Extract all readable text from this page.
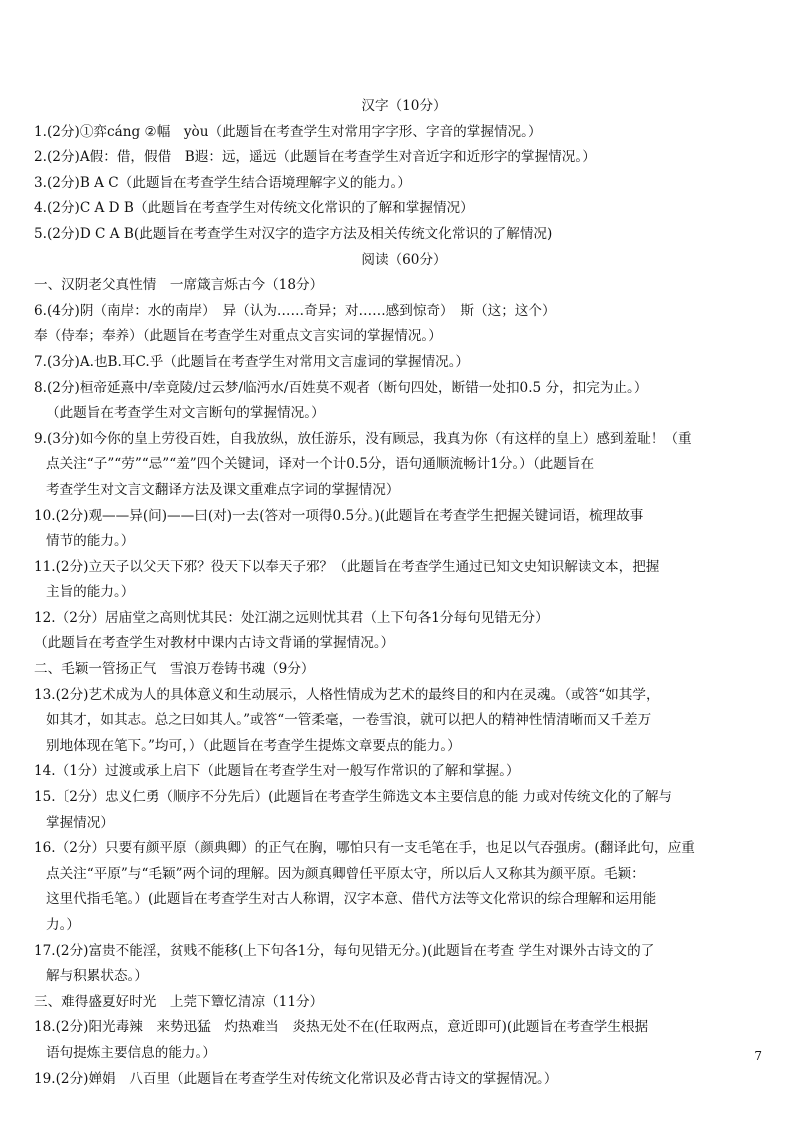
汉字（10分）
1.(2分)①弈cáng ②幅　yòu（此题旨在考查学生对常用字字形、字音的掌握情况。）
2.(2分)A假：借，假借　B遐：远，遥远（此题旨在考查学生对音近字和近形字的掌握情况。）
3.(2分)B A C（此题旨在考查学生结合语境理解字义的能力。）
4.(2分)C A D B（此题旨在考查学生对传统文化常识的了解和掌握情况）
5.(2分)D C A B(此题旨在考查学生对汉字的造字方法及相关传统文化常识的了解情况)
阅读（60分）
一、汉阴老父真性情　一席箴言烁古今（18分）
6.(4分)阴（南岸：水的南岸）　异（认为……奇异；对……感到惊奇）　斯（这；这个）
奉（侍奉；奉养）（此题旨在考查学生对重点文言实词的掌握情况。）
7.(3分)A.也B.耳C.乎（此题旨在考查学生对常用文言虚词的掌握情况。）
8.(2分)桓帝延熹中/幸竟陵/过云梦/临沔水/百姓莫不观者（断句四处，断错一处扣0.5 分，扣完为止。）
（此题旨在考查学生对文言断句的掌握情况。）
9.(3分)如今你的皇上劳役百姓，自我放纵，放任游乐，没有顾忌，我真为你（有这样的皇上）感到羞耻！（重
点关注“子”“劳”“忌”“羞”四个关键词，译对一个计0.5分，语句通顺流畅计1分。）（此题旨在
考查学生对文言文翻译方法及课文重难点字词的掌握情况）
10.(2分)观——异(问)——曰(对)一去(答对一项得0.5分。)(此题旨在考查学生把握关键词语，梳理故事
情节的能力。）
11.(2分)立天子以父天下邪？役天下以奉天子邪？（此题旨在考查学生通过已知文史知识解读文本，把握
主旨的能力。）
12.（2分）居庙堂之高则忧其民：处江湖之远则忧其君（上下句各1分每句见错无分）
（此题旨在考查学生对教材中课内古诗文背诵的掌握情况。）
二、毛颖一管扬正气　雪浪万卷铸书魂（9分）
13.(2分)艺术成为人的具体意义和生动展示，人格性情成为艺术的最终目的和内在灵魂。（或答“如其学，
如其才，如其志。总之曰如其人。”或答“一管柔毫，一卷雪浪，就可以把人的精神性情清晰而又千差万
别地体现在笔下。”均可，）（此题旨在考查学生提炼文章要点的能力。）
14.（1分）过渡或承上启下（此题旨在考查学生对一般写作常识的了解和掌握。）
15.〔2分）忠义仁勇（顺序不分先后）(此题旨在考查学生筛选文本主要信息的能 力或对传统文化的了解与
掌握情况）
16.（2分）只要有颜平原（颜典卿）的正气在胸，哪怕只有一支毛笔在手，也足以气吞强虏。(翻译此句，应重
点关注“平原”与“毛颖”两个词的理解。因为颜真卿曾任平原太守，所以后人又称其为颜平原。毛颖：
这里代指毛笔。）(此题旨在考查学生对古人称谓，汉字本意、借代方法等文化常识的综合理解和运用能
力。）
17.(2分)富贵不能淫，贫贱不能移(上下句各1分，每句见错无分。)(此题旨在考查 学生对课外古诗文的了
解与积累状态。）
三、难得盛夏好时光　上莞下簟忆清凉（11分）
18.(2分)阳光毒辣　来势迅猛　灼热难当　炎热无处不在(任取两点，意近即可)(此题旨在考查学生根据
语句提炼主要信息的能力。）
19.(2分)婵娟　八百里（此题旨在考查学生对传统文化常识及必背古诗文的掌握情况。）
7
